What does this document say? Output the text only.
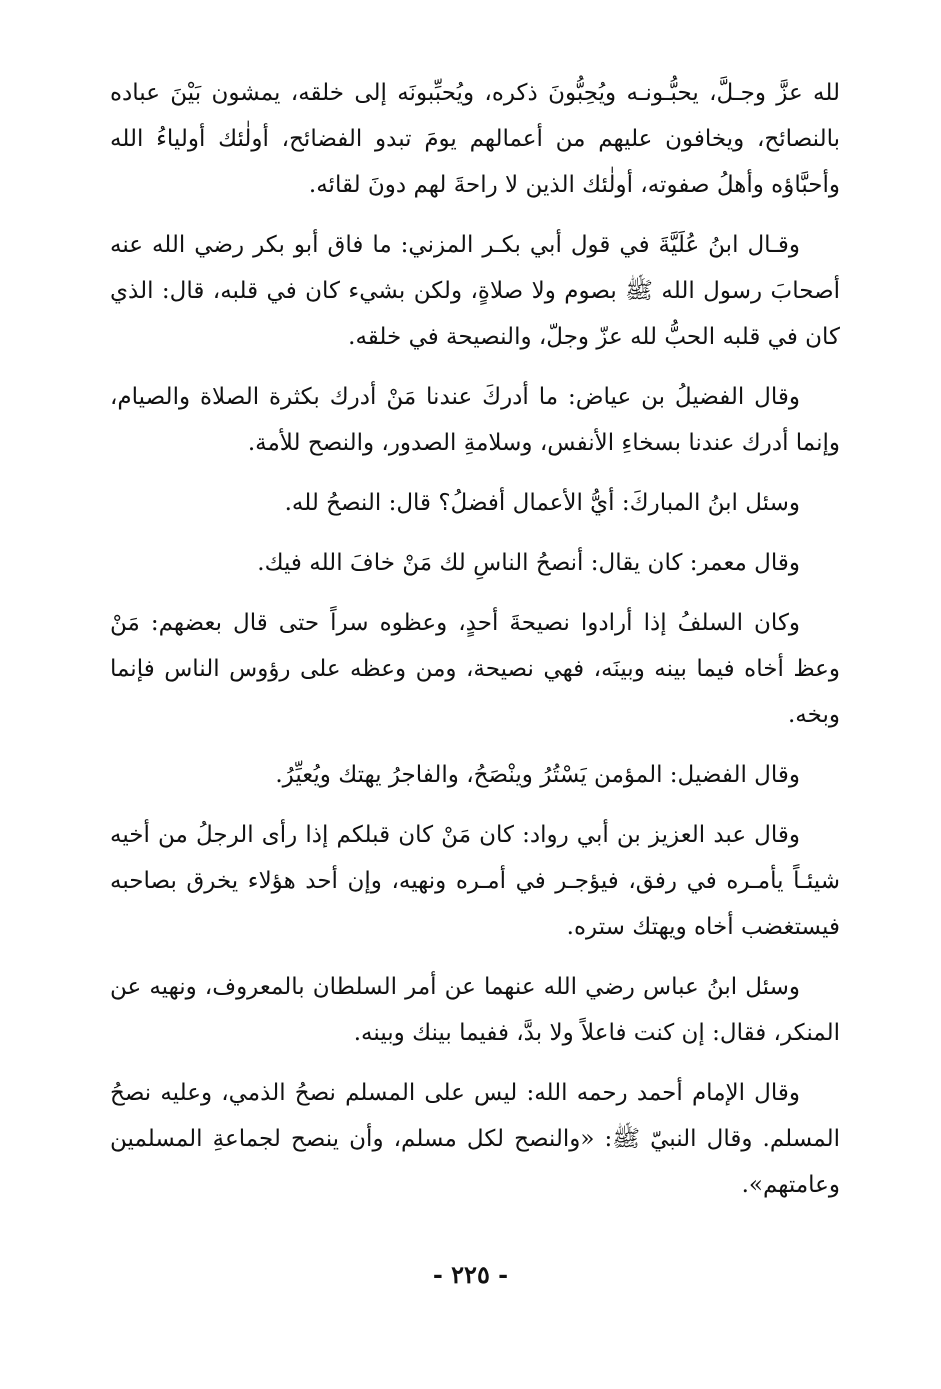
لله عزَّ وجـلَّ، يحبُّـونـه ويُحِبُّونَ ذكره، ويُحبِّبونَه إلى خلقه، يمشون بَيْنَ عباده بالنصائح، ويخافون عليهم من أعمالهم يومَ تبدو الفضائح، أولٰئك أولياءُ الله وأحبَّاؤه وأهلُ صفوته، أولٰئك الذين لا راحةَ لهم دونَ لقائه.

وقـال ابنُ عُلَيَّةَ في قول أبي بكـر المزني: ما فاق أبو بكر رضي الله عنه أصحابَ رسول الله ﷺ بصوم ولا صلاةٍ، ولكن بشيء كان في قلبه، قال: الذي كان في قلبه الحبُّ لله عزّ وجلّ، والنصيحة في خلقه.

وقال الفضيلُ بن عياض: ما أدركَ عندنا مَنْ أدرك بكثرة الصلاة والصيام، وإنما أدرك عندنا بسخاءِ الأنفس، وسلامةِ الصدور، والنصح للأمة.

وسئل ابنُ المباركَ: أيُّ الأعمال أفضلُ؟ قال: النصحُ لله.

وقال معمر: كان يقال: أنصحُ الناسِ لك مَنْ خافَ الله فيك.

وكان السلفُ إذا أرادوا نصيحةَ أحدٍ، وعظوه سراً حتى قال بعضهم: مَنْ وعظ أخاه فيما بينه وبينَه، فهي نصيحة، ومن وعظه على رؤوس الناس فإنما وبخه.

وقال الفضيل: المؤمن يَسْتُرُ وينْصَحُ، والفاجرُ يهتك ويُعيِّرُ.

وقال عبد العزيز بن أبي رواد: كان مَنْ كان قبلكم إذا رأى الرجلُ من أخيه شيئـاً يأمـره في رفق، فيؤجـر في أمـره ونهيه، وإن أحد هؤلاء يخرق بصاحبه فيستغضب أخاه ويهتك ستره.

وسئل ابنُ عباس رضي الله عنهما عن أمر السلطان بالمعروف، ونهيه عن المنكر، فقال: إن كنت فاعلاً ولا بدَّ، ففيما بينك وبينه.

وقال الإمام أحمد رحمه الله: ليس على المسلم نصحُ الذمي، وعليه نصحُ المسلم. وقال النبيّ ﷺ: «والنصح لكل مسلم، وأن ينصح لجماعةِ المسلمين وعامتهم».

- ٢٢٥ -
